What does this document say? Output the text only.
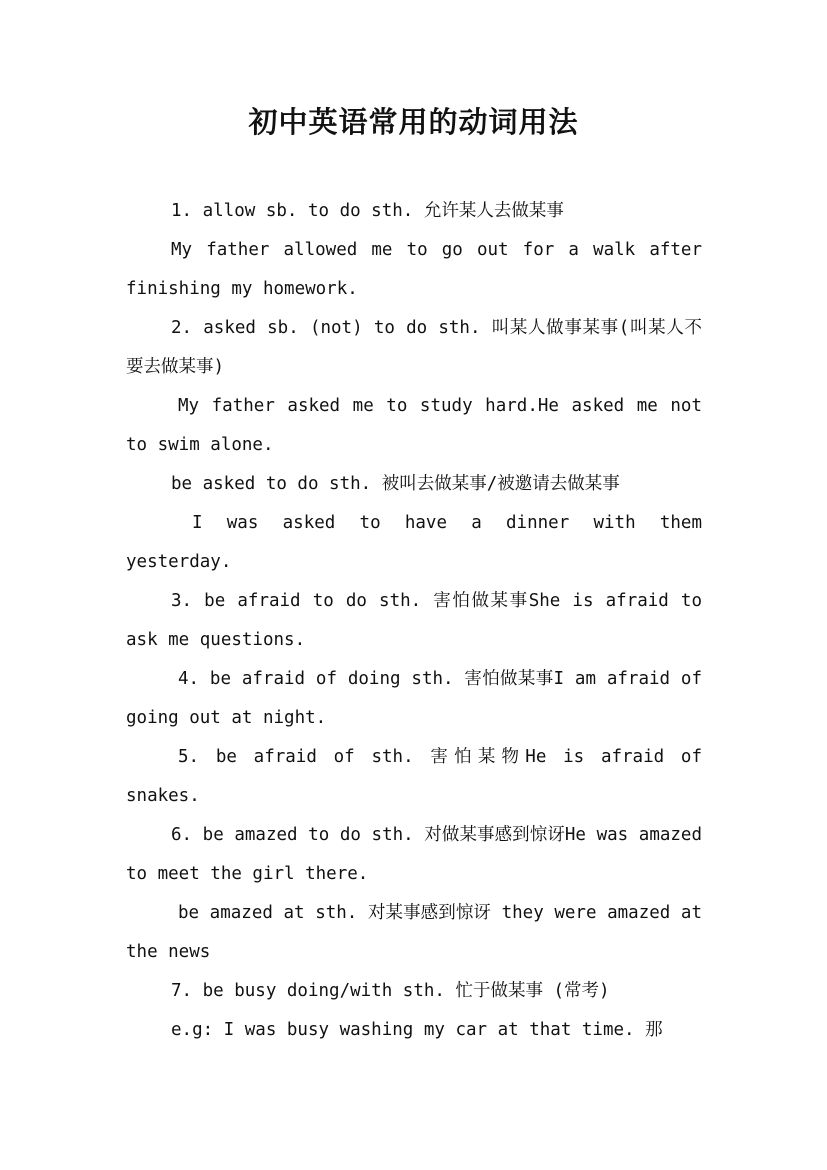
初中英语常用的动词用法

1. allow sb. to do sth. 允许某人去做某事

My father allowed me to go out for a walk after finishing my homework.

2. asked sb. (not) to do sth. 叫某人做事某事(叫某人不要去做某事)

My father asked me to study hard.He asked me not to swim alone.

be asked to do sth. 被叫去做某事/被邀请去做某事

I was asked to have a dinner with them yesterday.

3. be afraid to do sth. 害怕做某事She is afraid to ask me questions.

4. be afraid of doing sth. 害怕做某事I am afraid of going out at night.

5. be afraid of sth. 害怕某物He is afraid of snakes.

6. be amazed to do sth. 对做某事感到惊讶He was amazed to meet the girl there.

be amazed at sth. 对某事感到惊讶 they were amazed at the news

7. be busy doing/with sth. 忙于做某事 (常考)

e.g: I was busy washing my car at that time. 那
